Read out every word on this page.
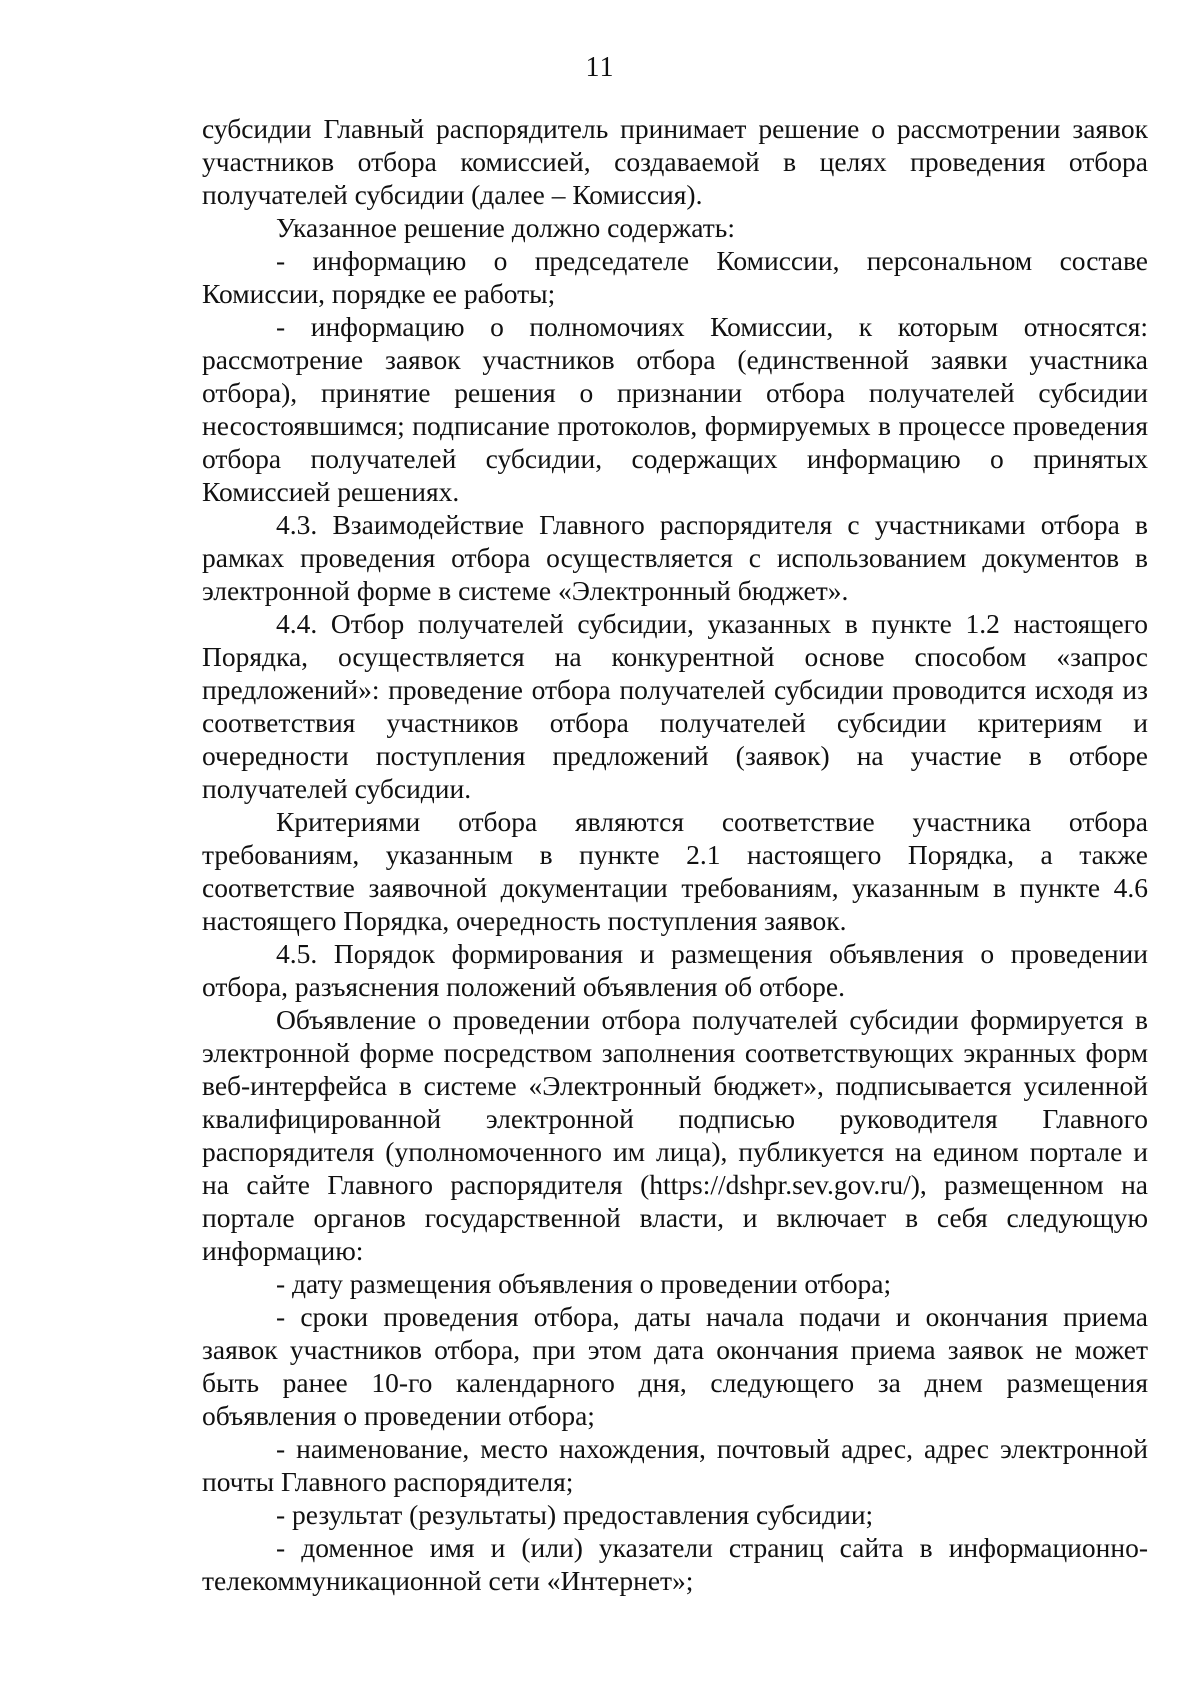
11

субсидии Главный распорядитель принимает решение о рассмотрении заявок участников отбора комиссией, создаваемой в целях проведения отбора получателей субсидии (далее – Комиссия).

Указанное решение должно содержать:

- информацию о председателе Комиссии, персональном составе Комиссии, порядке ее работы;

- информацию о полномочиях Комиссии, к которым относятся: рассмотрение заявок участников отбора (единственной заявки участника отбора), принятие решения о признании отбора получателей субсидии несостоявшимся; подписание протоколов, формируемых в процессе проведения отбора получателей субсидии, содержащих информацию о принятых Комиссией решениях.

4.3. Взаимодействие Главного распорядителя с участниками отбора в рамках проведения отбора осуществляется с использованием документов в электронной форме в системе «Электронный бюджет».

4.4. Отбор получателей субсидии, указанных в пункте 1.2 настоящего Порядка, осуществляется на конкурентной основе способом «запрос предложений»: проведение отбора получателей субсидии проводится исходя из соответствия участников отбора получателей субсидии критериям и очередности поступления предложений (заявок) на участие в отборе получателей субсидии.

Критериями отбора являются соответствие участника отбора требованиям, указанным в пункте 2.1 настоящего Порядка, а также соответствие заявочной документации требованиям, указанным в пункте 4.6 настоящего Порядка, очередность поступления заявок.

4.5. Порядок формирования и размещения объявления о проведении отбора, разъяснения положений объявления об отборе.

Объявление о проведении отбора получателей субсидии формируется в электронной форме посредством заполнения соответствующих экранных форм веб-интерфейса в системе «Электронный бюджет», подписывается усиленной квалифицированной электронной подписью руководителя Главного распорядителя (уполномоченного им лица), публикуется на едином портале и на сайте Главного распорядителя (https://dshpr.sev.gov.ru/), размещенном на портале органов государственной власти, и включает в себя следующую информацию:

- дату размещения объявления о проведении отбора;

- сроки проведения отбора, даты начала подачи и окончания приема заявок участников отбора, при этом дата окончания приема заявок не может быть ранее 10-го календарного дня, следующего за днем размещения объявления о проведении отбора;

- наименование, место нахождения, почтовый адрес, адрес электронной почты Главного распорядителя;

- результат (результаты) предоставления субсидии;

- доменное имя и (или) указатели страниц сайта в информационно-телекоммуникационной сети «Интернет»;
